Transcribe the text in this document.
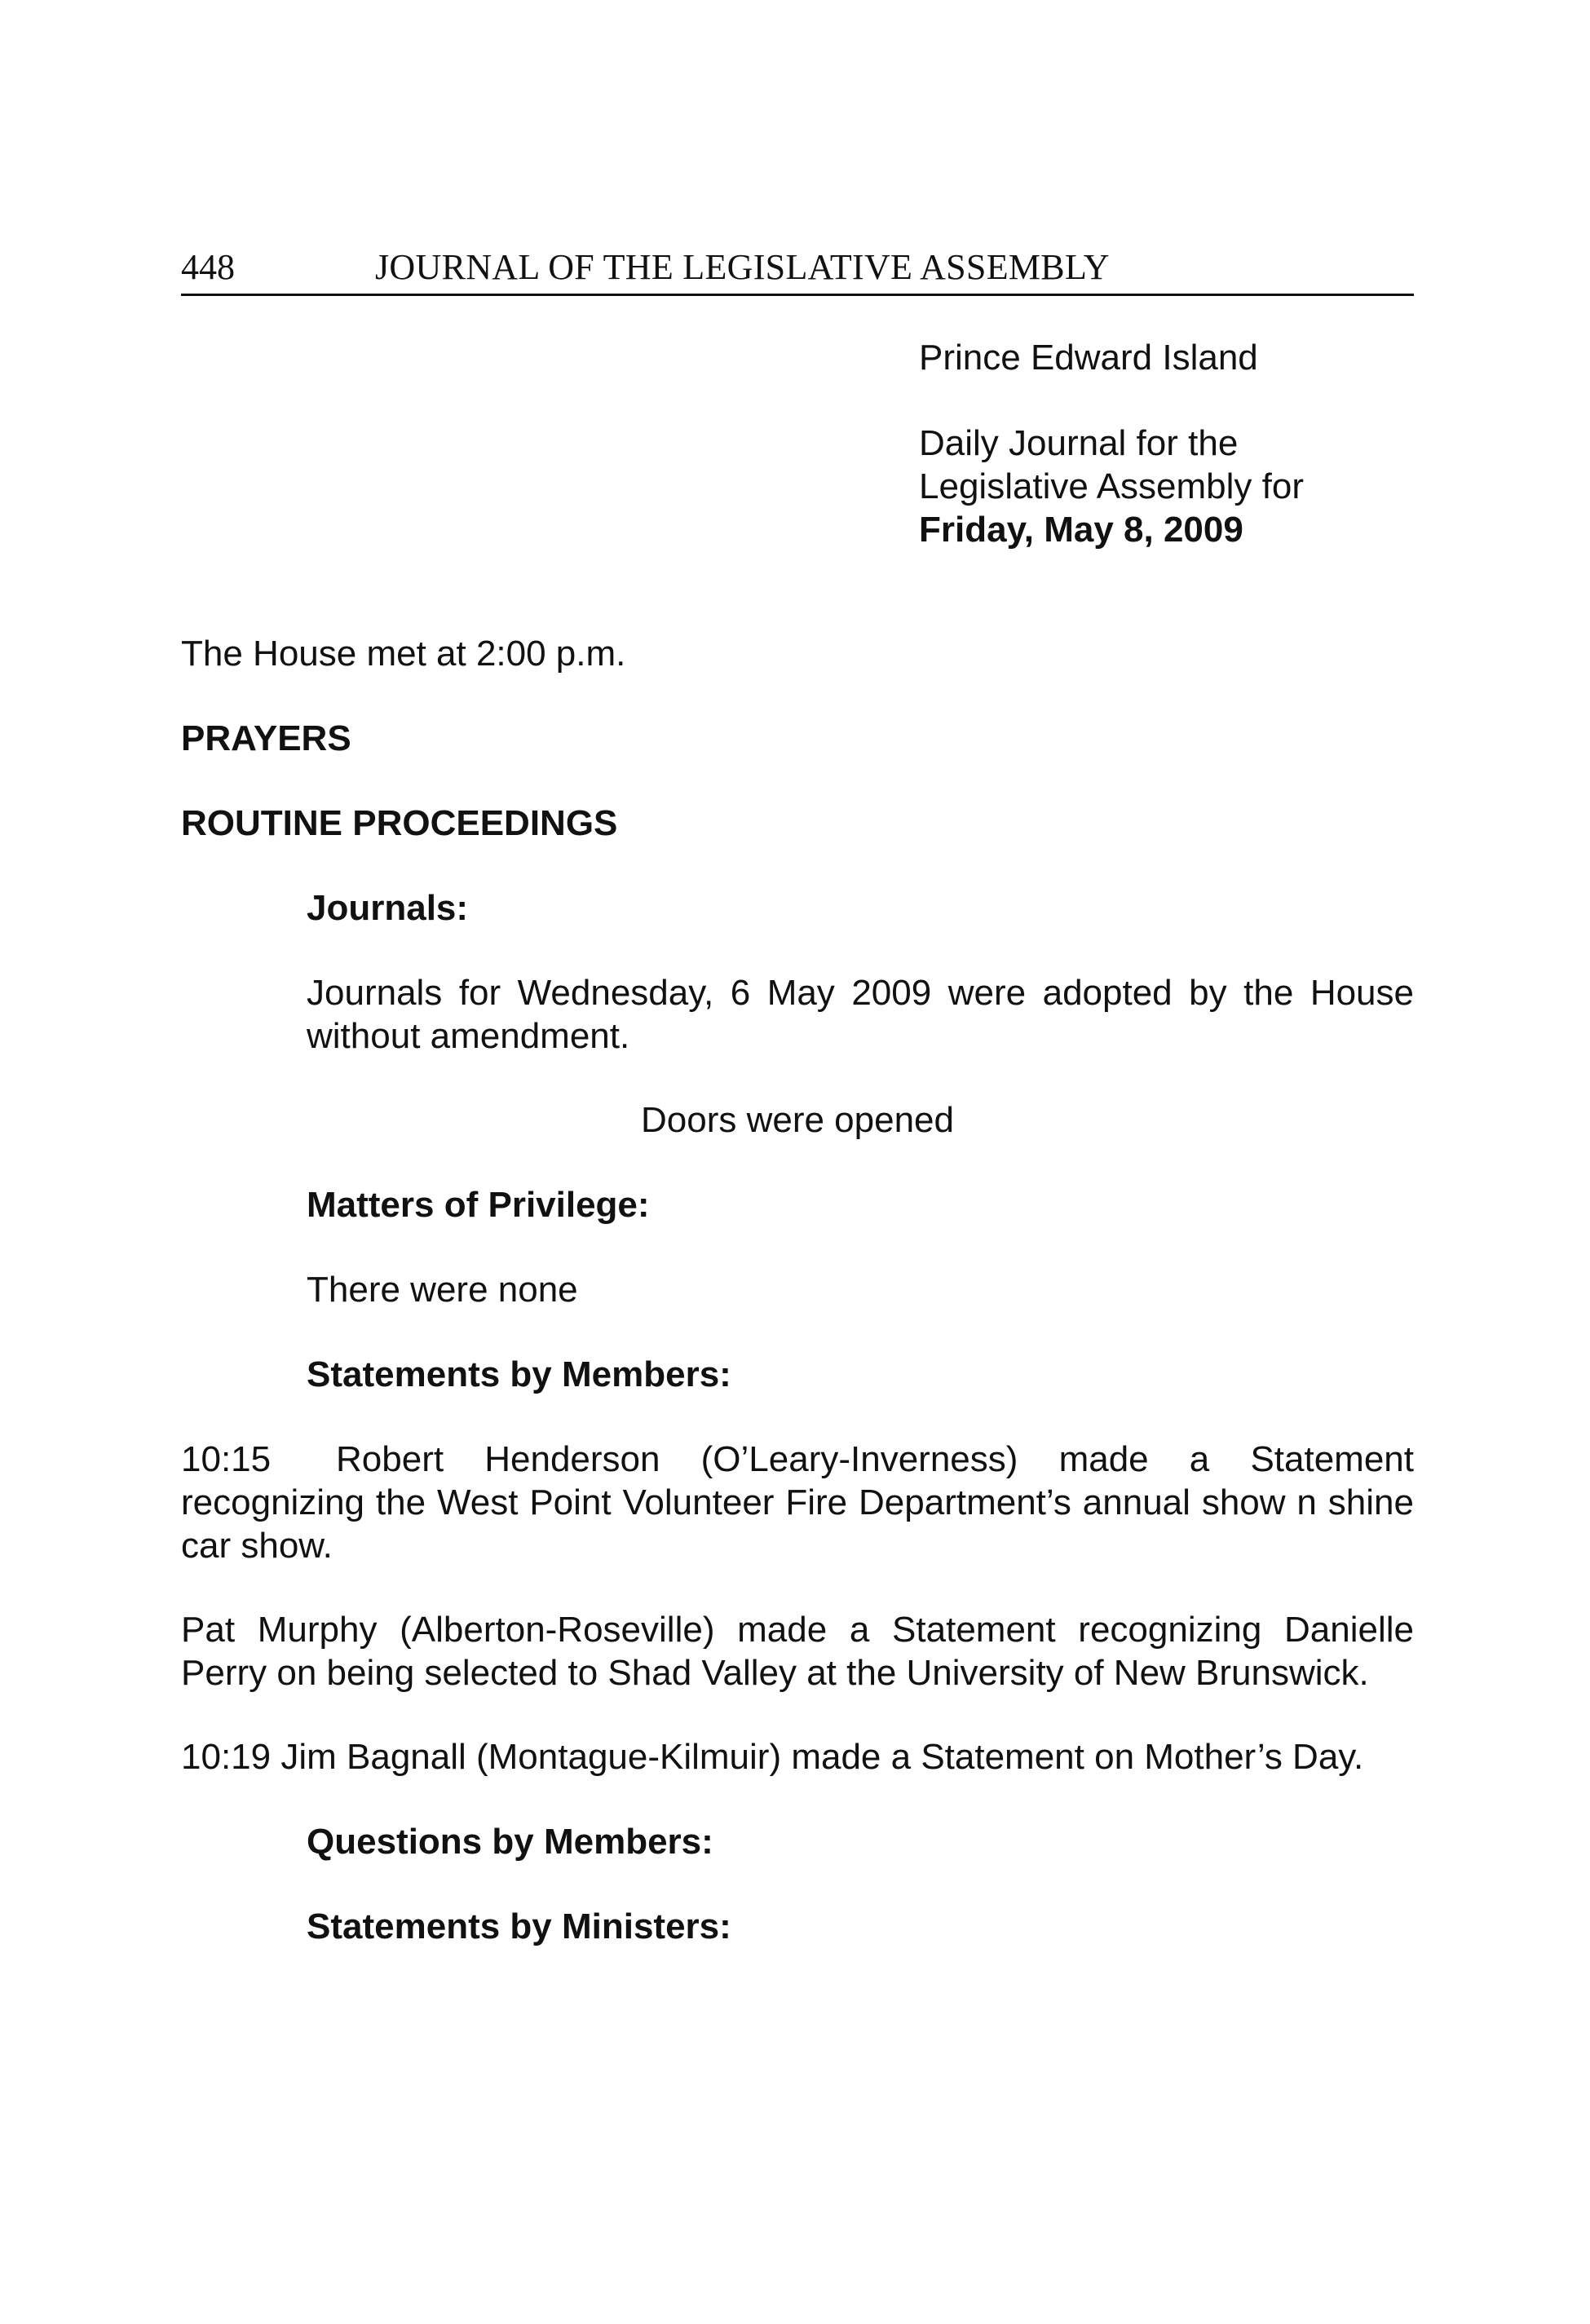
448	JOURNAL OF THE LEGISLATIVE ASSEMBLY
Prince Edward Island
Daily Journal for the
Legislative Assembly for
Friday, May 8, 2009
The House met at 2:00 p.m.
PRAYERS
ROUTINE PROCEEDINGS
Journals:
Journals for Wednesday, 6 May 2009 were adopted by the House without amendment.
Doors were opened
Matters of Privilege:
There were none
Statements by Members:
10:15 Robert Henderson (O’Leary-Inverness) made a Statement recognizing the West Point Volunteer Fire Department’s annual show n shine car show.
Pat Murphy (Alberton-Roseville) made a Statement recognizing Danielle Perry on being selected to Shad Valley at the University of New Brunswick.
10:19 Jim Bagnall (Montague-Kilmuir) made a Statement on Mother’s Day.
Questions by Members:
Statements by Ministers:
